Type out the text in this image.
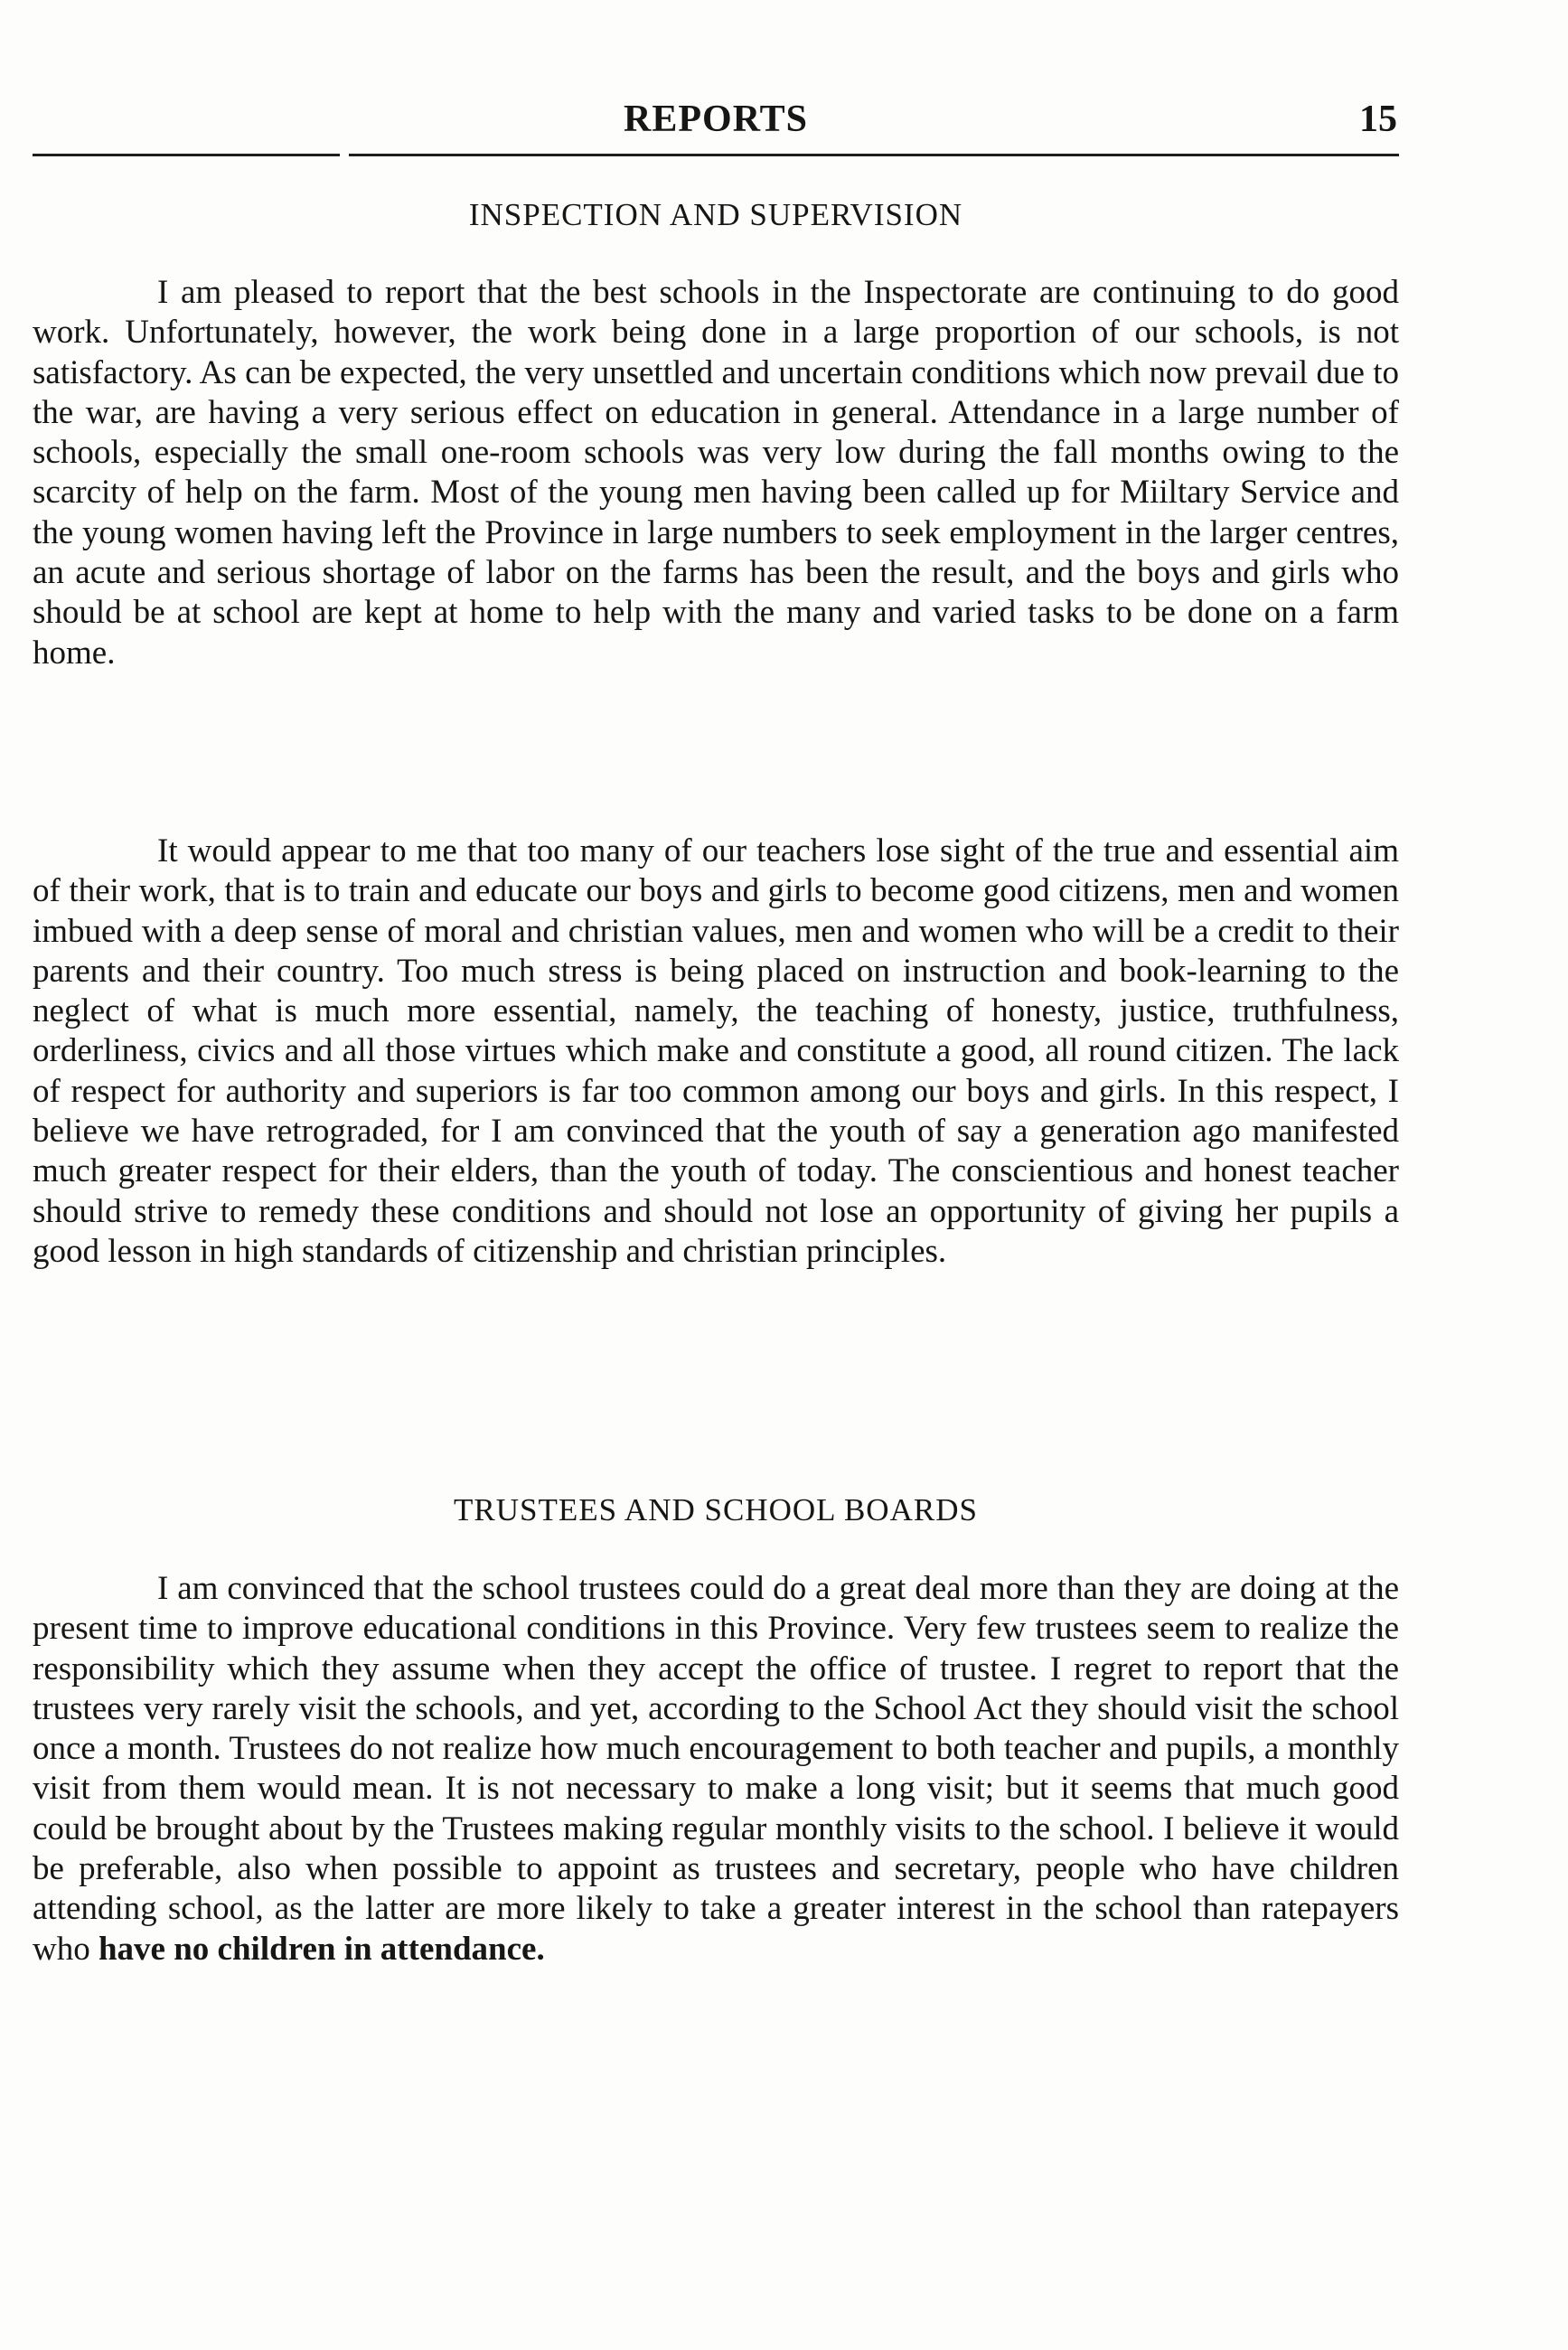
REPORTS	15
INSPECTION AND SUPERVISION

I am pleased to report that the best schools in the Inspectorate are continuing to do good work. Unfortunately, however, the work being done in a large proportion of our schools, is not satisfactory. As can be expected, the very unsettled and uncertain conditions which now prevail due to the war, are having a very serious effect on education in general. Attendance in a large number of schools, especially the small one-room schools was very low during the fall months owing to the scarcity of help on the farm. Most of the young men having been called up for Miiltary Service and the young women having left the Province in large numbers to seek employment in the larger centres, an acute and serious shortage of labor on the farms has been the result, and the boys and girls who should be at school are kept at home to help with the many and varied tasks to be done on a farm home.

It would appear to me that too many of our teachers lose sight of the true and essential aim of their work, that is to train and educate our boys and girls to become good citizens, men and women imbued with a deep sense of moral and christian values, men and women who will be a credit to their parents and their country. Too much stress is being placed on instruction and book-learning to the neglect of what is much more essential, namely, the teaching of honesty, justice, truthfulness, orderliness, civics and all those virtues which make and constitute a good, all round citizen. The lack of respect for authority and superiors is far too common among our boys and girls. In this respect, I believe we have retrograded, for I am convinced that the youth of say a generation ago manifested much greater respect for their elders, than the youth of today. The conscientious and honest teacher should strive to remedy these conditions and should not lose an opportunity of giving her pupils a good lesson in high standards of citizenship and christian principles.

TRUSTEES AND SCHOOL BOARDS

I am convinced that the school trustees could do a great deal more than they are doing at the present time to improve educational conditions in this Province. Very few trustees seem to realize the responsibility which they assume when they accept the office of trustee. I regret to report that the trustees very rarely visit the schools, and yet, according to the School Act they should visit the school once a month. Trustees do not realize how much encouragement to both teacher and pupils, a monthly visit from them would mean. It is not necessary to make a long visit; but it seems that much good could be brought about by the Trustees making regular monthly visits to the school. I believe it would be preferable, also when possible to appoint as trustees and secretary, people who have children attending school, as the latter are more likely to take a greater interest in the school than ratepayers who have no children in attendance.
